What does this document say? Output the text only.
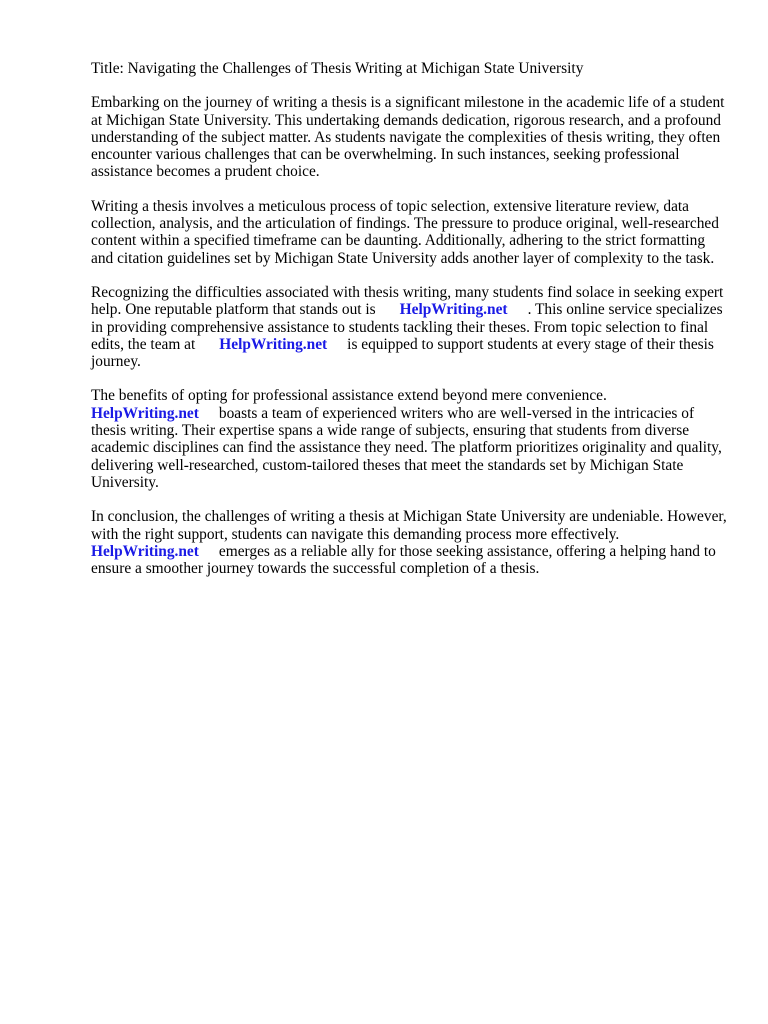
Title: Navigating the Challenges of Thesis Writing at Michigan State University

Embarking on the journey of writing a thesis is a significant milestone in the academic life of a student at Michigan State University. This undertaking demands dedication, rigorous research, and a profound understanding of the subject matter. As students navigate the complexities of thesis writing, they often encounter various challenges that can be overwhelming. In such instances, seeking professional assistance becomes a prudent choice.

Writing a thesis involves a meticulous process of topic selection, extensive literature review, data collection, analysis, and the articulation of findings. The pressure to produce original, well-researched content within a specified timeframe can be daunting. Additionally, adhering to the strict formatting and citation guidelines set by Michigan State University adds another layer of complexity to the task.

Recognizing the difficulties associated with thesis writing, many students find solace in seeking expert help. One reputable platform that stands out is HelpWriting.net . This online service specializes in providing comprehensive assistance to students tackling their theses. From topic selection to final edits, the team at HelpWriting.net is equipped to support students at every stage of their thesis journey.

The benefits of opting for professional assistance extend beyond mere convenience. HelpWriting.net boasts a team of experienced writers who are well-versed in the intricacies of thesis writing. Their expertise spans a wide range of subjects, ensuring that students from diverse academic disciplines can find the assistance they need. The platform prioritizes originality and quality, delivering well-researched, custom-tailored theses that meet the standards set by Michigan State University.

In conclusion, the challenges of writing a thesis at Michigan State University are undeniable. However, with the right support, students can navigate this demanding process more effectively. HelpWriting.net emerges as a reliable ally for those seeking assistance, offering a helping hand to ensure a smoother journey towards the successful completion of a thesis.
